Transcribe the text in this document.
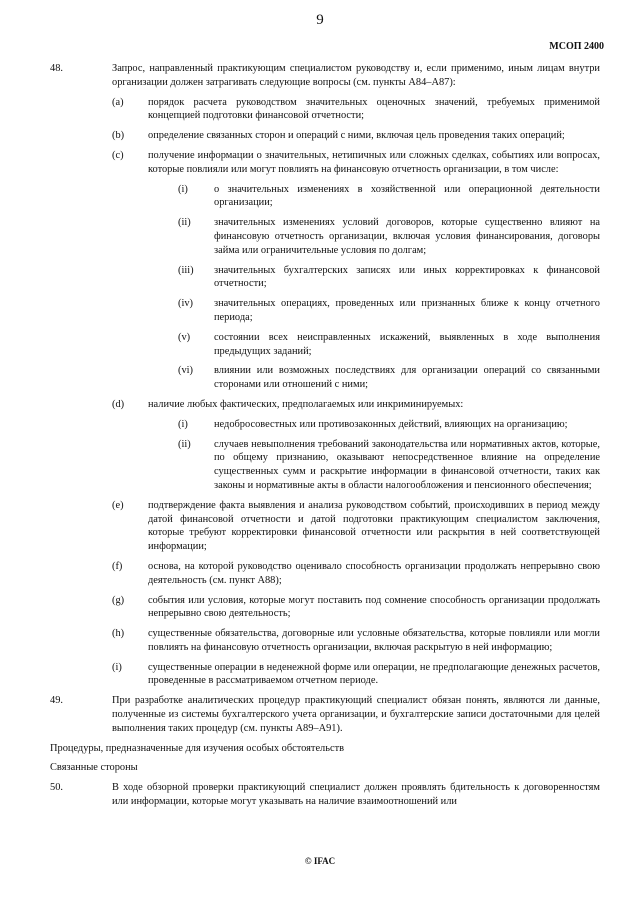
9
МСОП 2400
48.	Запрос, направленный практикующим специалистом руководству и, если применимо, иным лицам внутри организации должен затрагивать следующие вопросы (см. пункты А84–А87):
(a) порядок расчета руководством значительных оценочных значений, требуемых применимой концепцией подготовки финансовой отчетности;
(b) определение связанных сторон и операций с ними, включая цель проведения таких операций;
(c) получение информации о значительных, нетипичных или сложных сделках, событиях или вопросах, которые повлияли или могут повлиять на финансовую отчетность организации, в том числе:
(i)	о значительных изменениях в хозяйственной или операционной деятельности организации;
(ii) значительных изменениях условий договоров, которые существенно влияют на финансовую отчетность организации, включая условия финансирования, договоры займа или ограничительные условия по долгам;
(iii) значительных бухгалтерских записях или иных корректировках к финансовой отчетности;
(iv) значительных операциях, проведенных или признанных ближе к концу отчетного периода;
(v) состоянии всех неисправленных искажений, выявленных в ходе выполнения предыдущих заданий;
(vi) влиянии или возможных последствиях для организации операций со связанными сторонами или отношений с ними;
(d) наличие любых фактических, предполагаемых или инкриминируемых:
(i)	недобросовестных или противозаконных действий, влияющих на организацию;
(ii) случаев невыполнения требований законодательства или нормативных актов, которые, по общему признанию, оказывают непосредственное влияние на определение существенных сумм и раскрытие информации в финансовой отчетности, таких как законы и нормативные акты в области налогообложения и пенсионного обеспечения;
(e) подтверждение факта выявления и анализа руководством событий, происходивших в период между датой финансовой отчетности и датой подготовки практикующим специалистом заключения, которые требуют корректировки финансовой отчетности или раскрытия в ней соответствующей информации;
(f) основа, на которой руководство оценивало способность организации продолжать непрерывно свою деятельность (см. пункт А88);
(g) события или условия, которые могут поставить под сомнение способность организации продолжать непрерывно свою деятельность;
(h) существенные обязательства, договорные или условные обязательства, которые повлияли или могли повлиять на финансовую отчетность организации, включая раскрытую в ней информацию;
(i)	существенные операции в неденежной форме или операции, не предполагающие денежных расчетов, проведенные в рассматриваемом отчетном периоде.
49.	При разработке аналитических процедур практикующий специалист обязан понять, являются ли данные, полученные из системы бухгалтерского учета организации, и бухгалтерские записи достаточными для целей выполнения таких процедур (см. пункты А89–А91).
Процедуры, предназначенные для изучения особых обстоятельств
Связанные стороны
50.	В ходе обзорной проверки практикующий специалист должен проявлять бдительность к договоренностям или информации, которые могут указывать на наличие взаимоотношений или
© IFAC
